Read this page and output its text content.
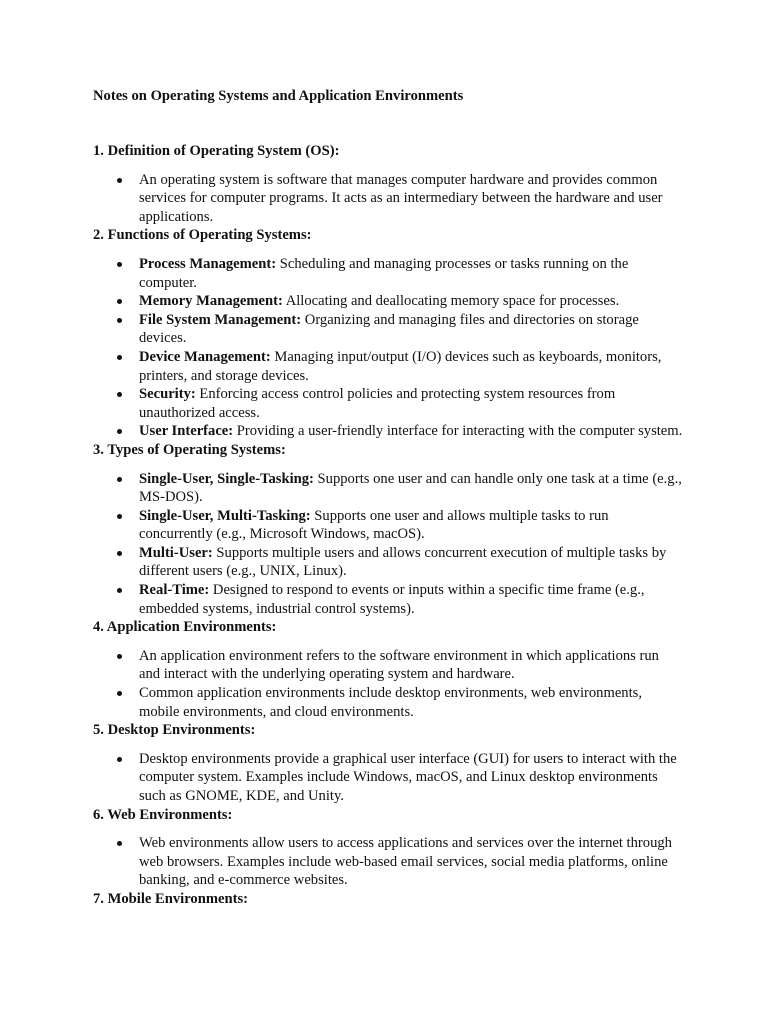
Notes on Operating Systems and Application Environments

1. Definition of Operating System (OS):

An operating system is software that manages computer hardware and provides common services for computer programs. It acts as an intermediary between the hardware and user applications.

2. Functions of Operating Systems:

Process Management: Scheduling and managing processes or tasks running on the computer.
Memory Management: Allocating and deallocating memory space for processes.
File System Management: Organizing and managing files and directories on storage devices.
Device Management: Managing input/output (I/O) devices such as keyboards, monitors, printers, and storage devices.
Security: Enforcing access control policies and protecting system resources from unauthorized access.
User Interface: Providing a user-friendly interface for interacting with the computer system.

3. Types of Operating Systems:

Single-User, Single-Tasking: Supports one user and can handle only one task at a time (e.g., MS-DOS).
Single-User, Multi-Tasking: Supports one user and allows multiple tasks to run concurrently (e.g., Microsoft Windows, macOS).
Multi-User: Supports multiple users and allows concurrent execution of multiple tasks by different users (e.g., UNIX, Linux).
Real-Time: Designed to respond to events or inputs within a specific time frame (e.g., embedded systems, industrial control systems).

4. Application Environments:

An application environment refers to the software environment in which applications run and interact with the underlying operating system and hardware.
Common application environments include desktop environments, web environments, mobile environments, and cloud environments.

5. Desktop Environments:

Desktop environments provide a graphical user interface (GUI) for users to interact with the computer system. Examples include Windows, macOS, and Linux desktop environments such as GNOME, KDE, and Unity.

6. Web Environments:

Web environments allow users to access applications and services over the internet through web browsers. Examples include web-based email services, social media platforms, online banking, and e-commerce websites.

7. Mobile Environments:
